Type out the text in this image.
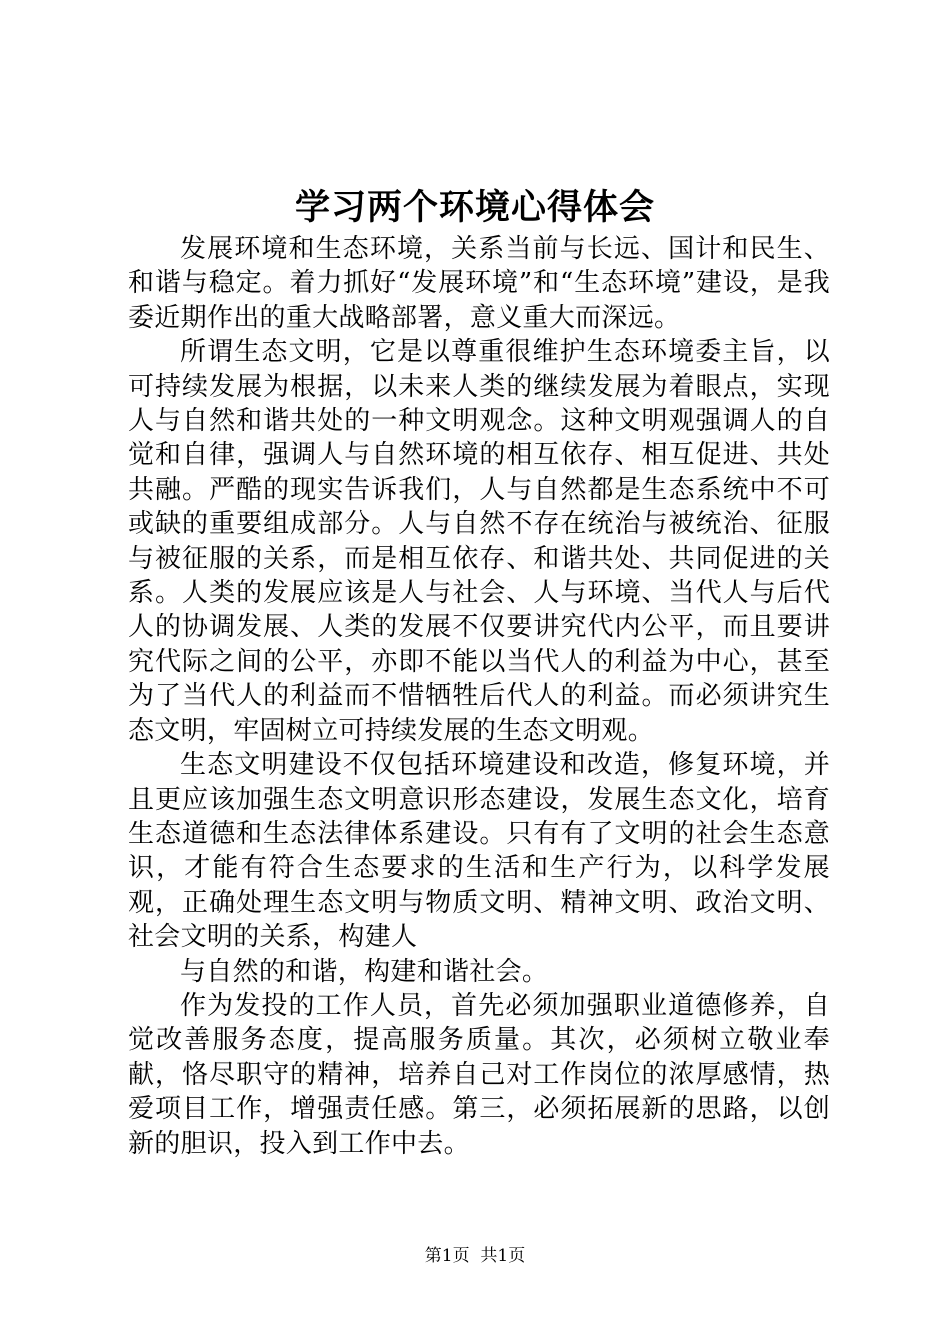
学习两个环境心得体会

发展环境和生态环境，关系当前与长远、国计和民生、和谐与稳定。着力抓好“发展环境”和“生态环境”建设，是我委近期作出的重大战略部署，意义重大而深远。

所谓生态文明，它是以尊重很维护生态环境委主旨，以可持续发展为根据，以未来人类的继续发展为着眼点，实现人与自然和谐共处的一种文明观念。这种文明观强调人的自觉和自律，强调人与自然环境的相互依存、相互促进、共处共融。严酷的现实告诉我们，人与自然都是生态系统中不可或缺的重要组成部分。人与自然不存在统治与被统治、征服与被征服的关系，而是相互依存、和谐共处、共同促进的关系。人类的发展应该是人与社会、人与环境、当代人与后代人的协调发展、人类的发展不仅要讲究代内公平，而且要讲究代际之间的公平，亦即不能以当代人的利益为中心，甚至为了当代人的利益而不惜牺牲后代人的利益。而必须讲究生态文明，牢固树立可持续发展的生态文明观。

生态文明建设不仅包括环境建设和改造，修复环境，并且更应该加强生态文明意识形态建设，发展生态文化，培育生态道德和生态法律体系建设。只有有了文明的社会生态意识，才能有符合生态要求的生活和生产行为，以科学发展观，正确处理生态文明与物质文明、精神文明、政治文明、社会文明的关系，构建人

与自然的和谐，构建和谐社会。

作为发投的工作人员，首先必须加强职业道德修养，自觉改善服务态度，提高服务质量。其次，必须树立敬业奉献，恪尽职守的精神，培养自己对工作岗位的浓厚感情，热爱项目工作，增强责任感。第三，必须拓展新的思路，以创新的胆识，投入到工作中去。

第1页 共1页
